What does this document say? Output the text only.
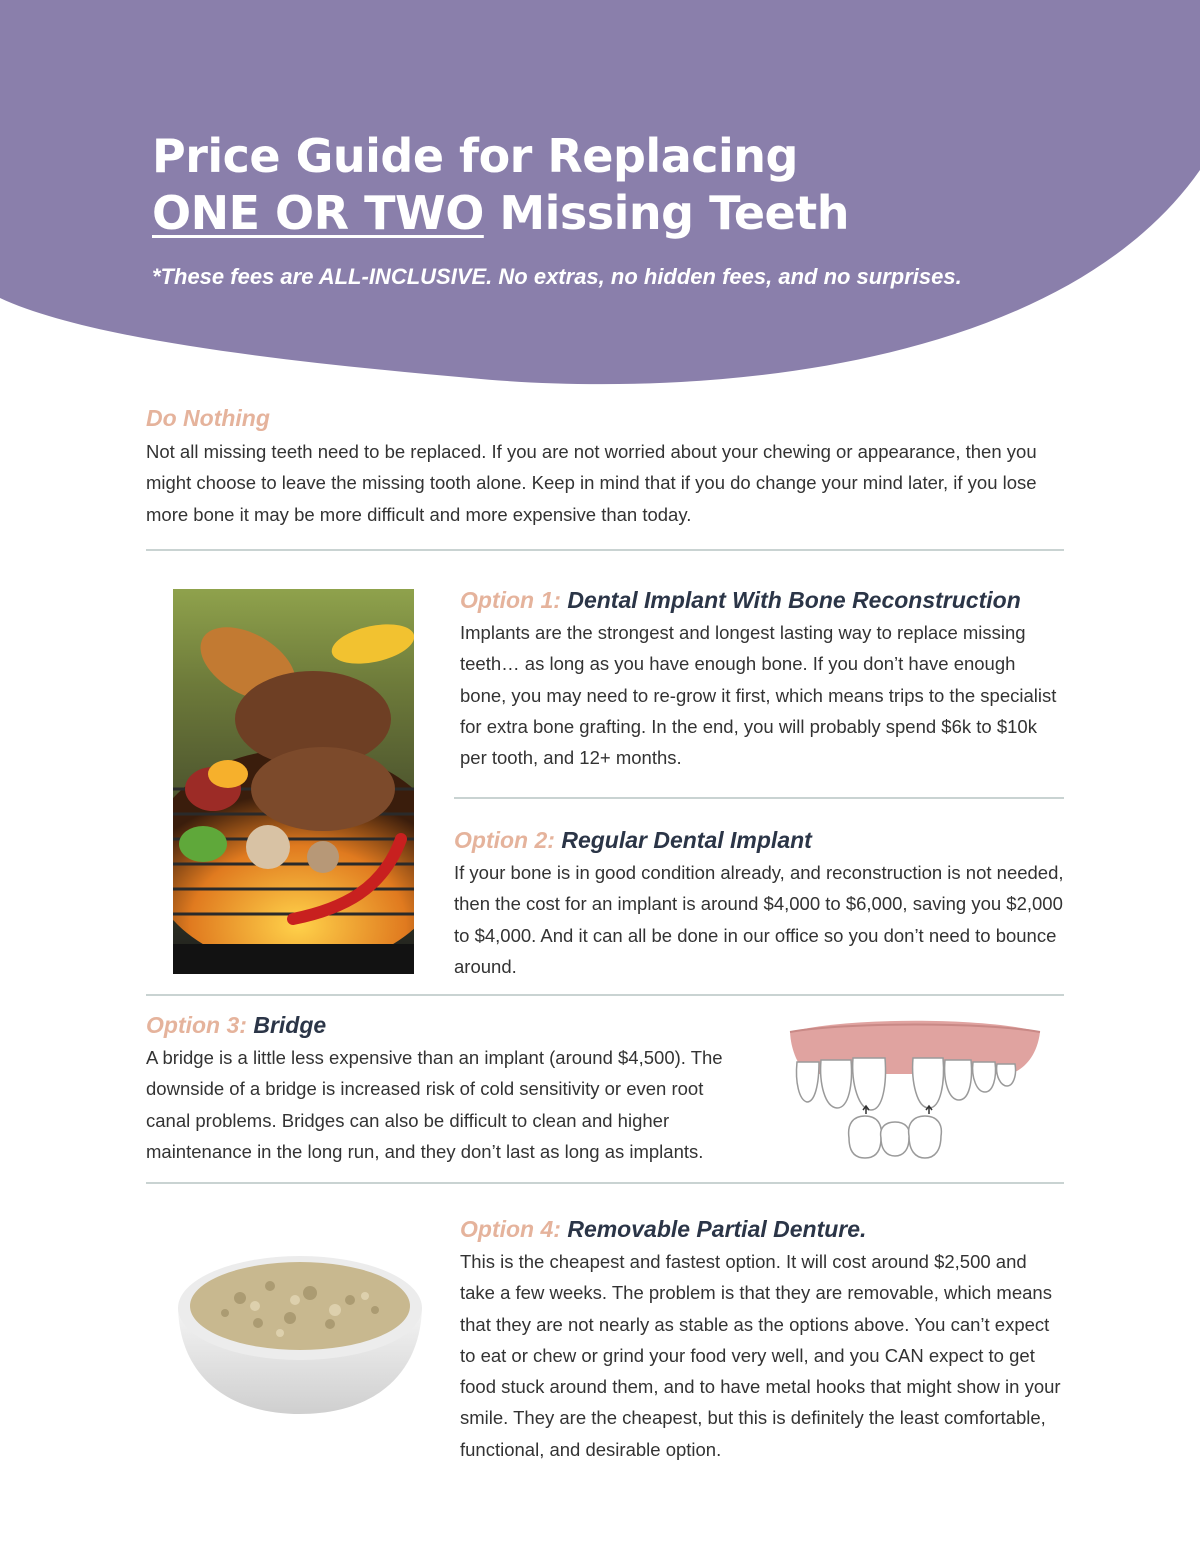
Price Guide for Replacing
ONE OR TWO Missing Teeth
*These fees are ALL-INCLUSIVE. No extras, no hidden fees, and no surprises.
Do Nothing

Not all missing teeth need to be replaced. If you are not worried about your chewing or appearance, then you might choose to leave the missing tooth alone. Keep in mind that if you do change your mind later, if you lose more bone it may be more difficult and more expensive than today.

Option 1: Dental Implant With Bone Reconstruction

Implants are the strongest and longest lasting way to replace missing teeth… as long as you have enough bone. If you don’t have enough bone, you may need to re-grow it first, which means trips to the specialist for extra bone grafting. In the end, you will probably spend $6k to $10k per tooth, and 12+ months.

Option 2: Regular Dental Implant

If your bone is in good condition already, and reconstruction is not needed, then the cost for an implant is around $4,000 to $6,000, saving you $2,000 to $4,000. And it can all be done in our office so you don’t need to bounce around.

Option 3: Bridge

A bridge is a little less expensive than an implant (around $4,500). The downside of a bridge is increased risk of cold sensitivity or even root canal problems. Bridges can also be difficult to clean and higher maintenance in the long run, and they don’t last as long as implants.

Option 4: Removable Partial Denture.

This is the cheapest and fastest option. It will cost around $2,500 and take a few weeks. The problem is that they are removable, which means that they are not nearly as stable as the options above. You can’t expect to eat or chew or grind your food very well, and you CAN expect to get food stuck around them, and to have metal hooks that might show in your smile. They are the cheapest, but this is definitely the least comfortable, functional, and desirable option.
